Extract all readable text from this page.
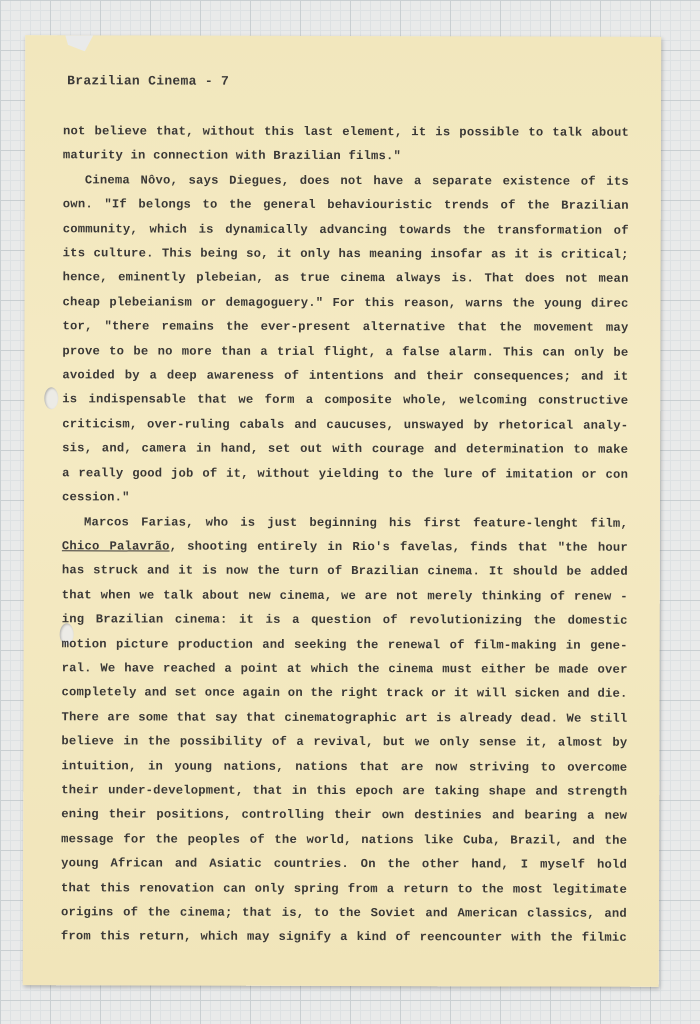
Brazilian Cinema - 7
not believe that, without this last element, it is possible to talk about
maturity in connection with Brazilian films."
Cinema Nôvo, says Diegues, does not have a separate existence of its
own. "If belongs to the general behaviouristic trends of the Brazilian
community, which is dynamically advancing towards the transformation of
its culture. This being so, it only has meaning insofar as it is critical;
hence, eminently plebeian, as true cinema always is. That does not mean
cheap plebeianism or demagoguery." For this reason, warns the young direc
tor, "there remains the ever-present alternative that the movement may
prove to be no more than a trial flight, a false alarm. This can only be
avoided by a deep awareness of intentions and their consequences; and it
is indispensable that we form a composite whole, welcoming constructive
criticism, over-ruling cabals and caucuses, unswayed by rhetorical analy-
sis, and, camera in hand, set out with courage and determination to make
a really good job of it, without yielding to the lure of imitation or con
cession."
Marcos Farias, who is just beginning his first feature-lenght film,
Chico Palavrão, shooting entirely in Rio's favelas, finds that "the hour
has struck and it is now the turn of Brazilian cinema. It should be added
that when we talk about new cinema, we are not merely thinking of renew -
ing Brazilian cinema: it is a question of revolutionizing the domestic
motion picture production and seeking the renewal of film-making in gene-
ral. We have reached a point at which the cinema must either be made over
completely and set once again on the right track or it will sicken and die.
There are some that say that cinematographic art is already dead. We still
believe in the possibility of a revival, but we only sense it, almost by
intuition, in young nations, nations that are now striving to overcome
their under-development, that in this epoch are taking shape and strength
ening their positions, controlling their own destinies and bearing a new
message for the peoples of the world, nations like Cuba, Brazil, and the
young African and Asiatic countries. On the other hand, I myself hold
that this renovation can only spring from a return to the most legitimate
origins of the cinema; that is, to the Soviet and American classics, and
from this return, which may signify a kind of reencounter with the filmic
